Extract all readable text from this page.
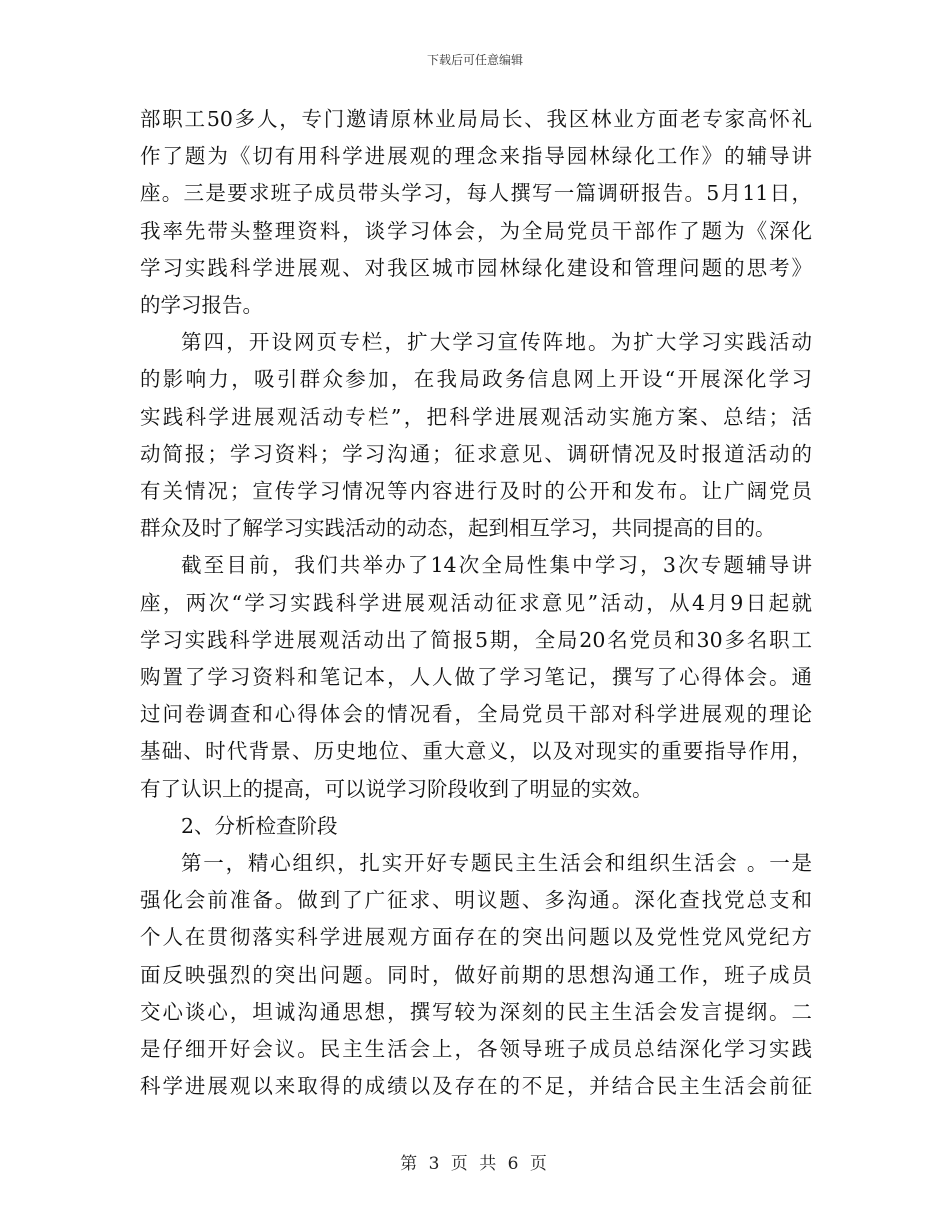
下载后可任意编辑

部职工50多人，专门邀请原林业局局长、我区林业方面老专家高怀礼
作了题为《切有用科学进展观的理念来指导园林绿化工作》的辅导讲
座。三是要求班子成员带头学习，每人撰写一篇调研报告。5月11日，
我率先带头整理资料，谈学习体会，为全局党员干部作了题为《深化
学习实践科学进展观、对我区城市园林绿化建设和管理问题的思考》
的学习报告。

第四，开设网页专栏，扩大学习宣传阵地。为扩大学习实践活动
的影响力，吸引群众参加，在我局政务信息网上开设“开展深化学习
实践科学进展观活动专栏”，把科学进展观活动实施方案、总结；活
动简报；学习资料；学习沟通；征求意见、调研情况及时报道活动的
有关情况；宣传学习情况等内容进行及时的公开和发布。让广阔党员
群众及时了解学习实践活动的动态，起到相互学习，共同提高的目的。

截至目前，我们共举办了14次全局性集中学习，3次专题辅导讲
座，两次“学习实践科学进展观活动征求意见”活动，从4月9日起就
学习实践科学进展观活动出了简报5期，全局20名党员和30多名职工
购置了学习资料和笔记本，人人做了学习笔记，撰写了心得体会。通
过问卷调查和心得体会的情况看，全局党员干部对科学进展观的理论
基础、时代背景、历史地位、重大意义，以及对现实的重要指导作用，
有了认识上的提高，可以说学习阶段收到了明显的实效。

2、分析检查阶段

第一，精心组织，扎实开好专题民主生活会和组织生活会 。一是
强化会前准备。做到了广征求、明议题、多沟通。深化查找党总支和
个人在贯彻落实科学进展观方面存在的突出问题以及党性党风党纪方
面反映强烈的突出问题。同时，做好前期的思想沟通工作，班子成员
交心谈心，坦诚沟通思想，撰写较为深刻的民主生活会发言提纲。二
是仔细开好会议。民主生活会上，各领导班子成员总结深化学习实践
科学进展观以来取得的成绩以及存在的不足，并结合民主生活会前征

第 3 页 共 6 页
